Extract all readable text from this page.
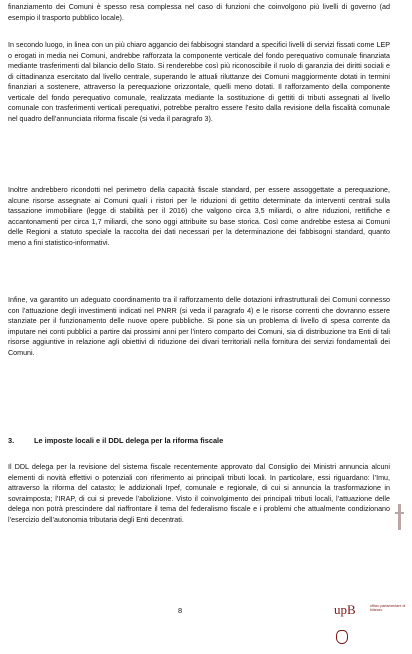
finanziamento dei Comuni è spesso resa complessa nel caso di funzioni che coinvolgono più livelli di governo (ad esempio il trasporto pubblico locale).

In secondo luogo, in linea con un più chiaro aggancio dei fabbisogni standard a specifici livelli di servizi fissati come LEP o erogati in media nei Comuni, andrebbe rafforzata la componente verticale del fondo perequativo comunale finanziata mediante trasferimenti dal bilancio dello Stato. Si renderebbe così più riconoscibile il ruolo di garanzia dei diritti sociali e di cittadinanza esercitato dal livello centrale, superando le attuali riluttanze dei Comuni maggiormente dotati in termini finanziari a sostenere, attraverso la perequazione orizzontale, quelli meno dotati. Il rafforzamento della componente verticale del fondo perequativo comunale, realizzata mediante la sostituzione di gettiti di tributi assegnati al livello comunale con trasferimenti verticali perequativi, potrebbe peraltro essere l’esito dalla revisione della fiscalità comunale nel quadro dell’annunciata riforma fiscale (si veda il paragrafo 3).

Inoltre andrebbero ricondotti nel perimetro della capacità fiscale standard, per essere assoggettate a perequazione, alcune risorse assegnate ai Comuni quali i ristori per le riduzioni di gettito determinate da interventi centrali sulla tassazione immobiliare (legge di stabilità per il 2016) che valgono circa 3,5 miliardi, o altre riduzioni, rettifiche e accantonamenti per circa 1,7 miliardi, che sono oggi attribuite su base storica. Così come andrebbe estesa ai Comuni delle Regioni a statuto speciale la raccolta dei dati necessari per la determinazione dei fabbisogni standard, quanto meno a fini statistico-informativi.

Infine, va garantito un adeguato coordinamento tra il rafforzamento delle dotazioni infrastrutturali dei Comuni connesso con l’attuazione degli investimenti indicati nel PNRR (si veda il paragrafo 4) e le risorse correnti che dovranno essere stanziate per il funzionamento delle nuove opere pubbliche. Si pone sia un problema di livello di spesa corrente da imputare nei conti pubblici a partire dai prossimi anni per l’intero comparto dei Comuni, sia di distribuzione tra Enti di tali risorse aggiuntive in relazione agli obiettivi di riduzione dei divari territoriali nella fornitura dei servizi fondamentali dei Comuni.

3.	Le imposte locali e il DDL delega per la riforma fiscale

Il DDL delega per la revisione del sistema fiscale recentemente approvato dal Consiglio dei Ministri annuncia alcuni elementi di novità effettivi o potenziali con riferimento ai principali tributi locali. In particolare, essi riguardano: l’Imu, attraverso la riforma del catasto; le addizionali Irpef, comunale e regionale, di cui si annuncia la trasformazione in sovraimposta; l’IRAP, di cui si prevede l’abolizione. Visto il coinvolgimento dei principali tributi locali, l’attuazione delle delega non potrà prescindere dal riaffrontare il tema del federalismo fiscale e i problemi che attualmente condizionano l’esercizio dell’autonomia tributaria degli Enti decentrati.

8	upB	ufficio parlamentare di bilancio
